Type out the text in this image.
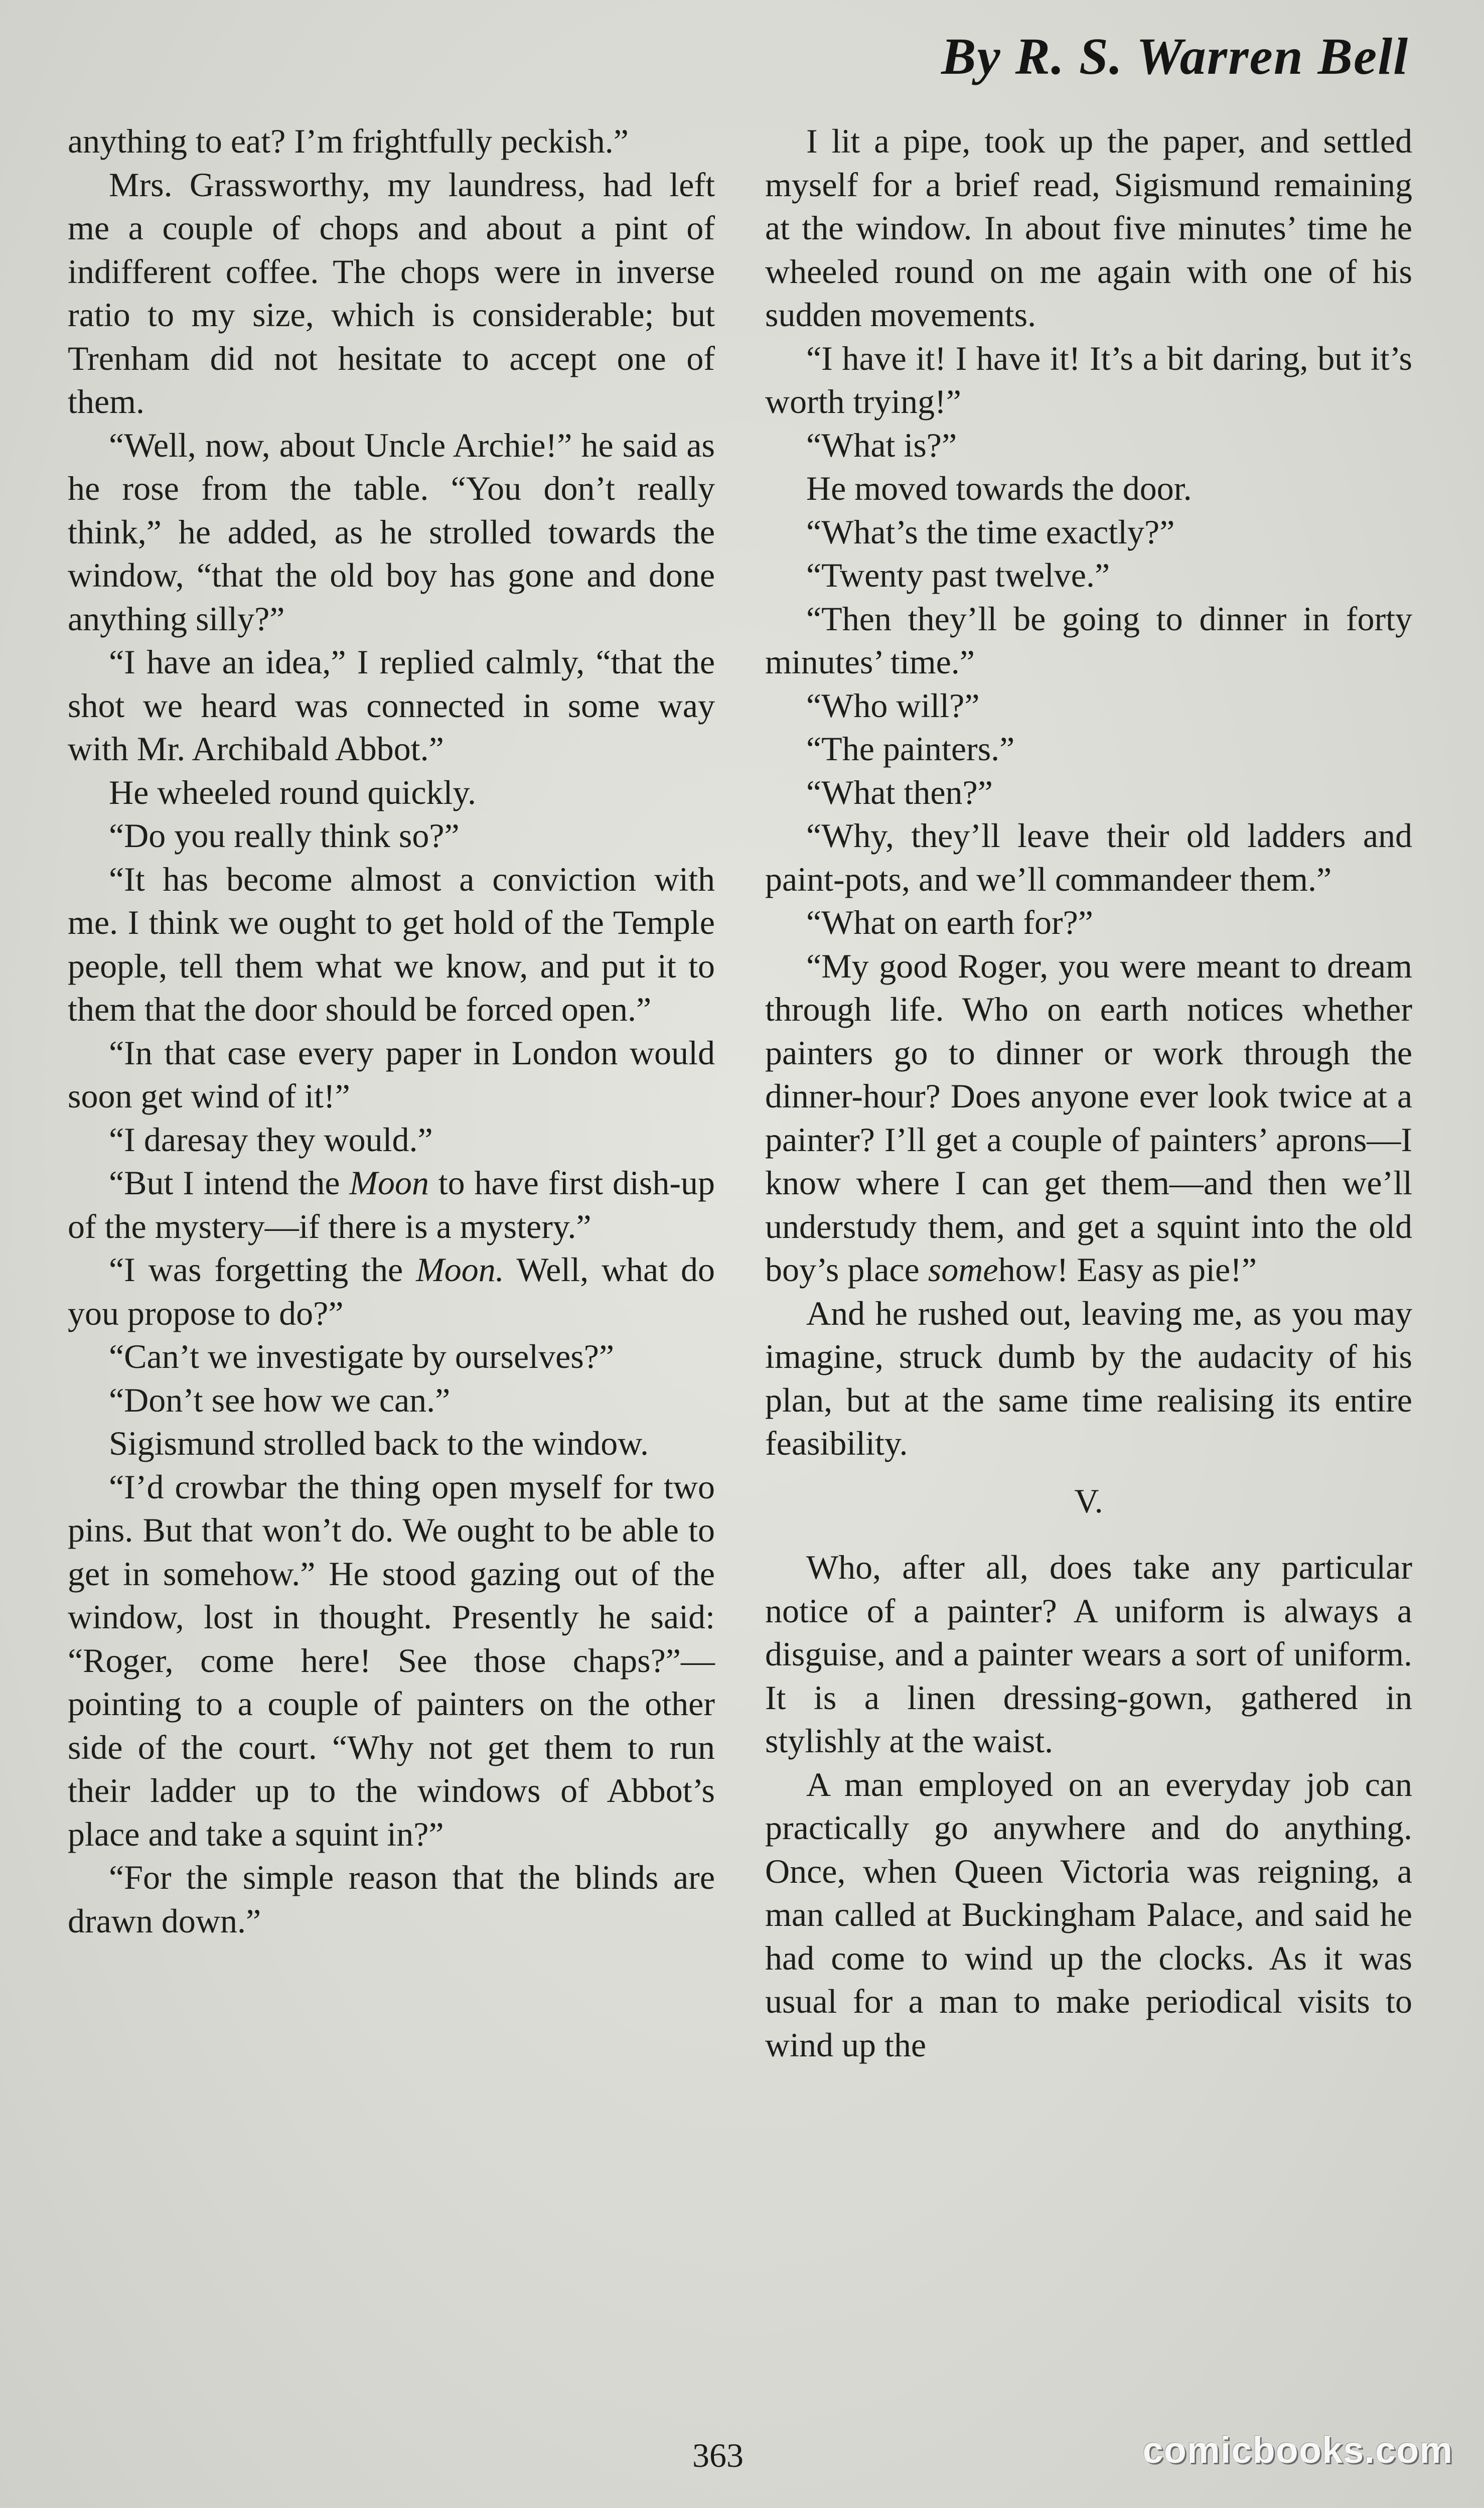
By R. S. Warren Bell

anything to eat? I’m frightfully peckish.”

Mrs. Grassworthy, my laundress, had left me a couple of chops and about a pint of indifferent coffee. The chops were in inverse ratio to my size, which is considerable; but Trenham did not hesitate to accept one of them.

“Well, now, about Uncle Archie!” he said as he rose from the table. “You don’t really think,” he added, as he strolled towards the window, “that the old boy has gone and done anything silly?”

“I have an idea,” I replied calmly, “that the shot we heard was connected in some way with Mr. Archibald Abbot.”

He wheeled round quickly.

“Do you really think so?”

“It has become almost a conviction with me. I think we ought to get hold of the Temple people, tell them what we know, and put it to them that the door should be forced open.”

“In that case every paper in London would soon get wind of it!”

“I daresay they would.”

“But I intend the Moon to have first dish-up of the mystery—if there is a mystery.”

“I was forgetting the Moon. Well, what do you propose to do?”

“Can’t we investigate by ourselves?”

“Don’t see how we can.”

Sigismund strolled back to the window.

“I’d crowbar the thing open myself for two pins. But that won’t do. We ought to be able to get in somehow.” He stood gazing out of the window, lost in thought. Presently he said: “Roger, come here! See those chaps?”—pointing to a couple of painters on the other side of the court. “Why not get them to run their ladder up to the windows of Abbot’s place and take a squint in?”

“For the simple reason that the blinds are drawn down.”

I lit a pipe, took up the paper, and settled myself for a brief read, Sigismund remaining at the window. In about five minutes’ time he wheeled round on me again with one of his sudden movements.

“I have it! I have it! It’s a bit daring, but it’s worth trying!”

“What is?”

He moved towards the door.

“What’s the time exactly?”

“Twenty past twelve.”

“Then they’ll be going to dinner in forty minutes’ time.”

“Who will?”

“The painters.”

“What then?”

“Why, they’ll leave their old ladders and paint-pots, and we’ll commandeer them.”

“What on earth for?”

“My good Roger, you were meant to dream through life. Who on earth notices whether painters go to dinner or work through the dinner-hour? Does anyone ever look twice at a painter? I’ll get a couple of painters’ aprons—I know where I can get them—and then we’ll understudy them, and get a squint into the old boy’s place somehow! Easy as pie!”

And he rushed out, leaving me, as you may imagine, struck dumb by the audacity of his plan, but at the same time realising its entire feasibility.

V.

Who, after all, does take any particular notice of a painter? A uniform is always a disguise, and a painter wears a sort of uniform. It is a linen dressing-gown, gathered in stylishly at the waist.

A man employed on an everyday job can practically go anywhere and do anything. Once, when Queen Victoria was reigning, a man called at Buckingham Palace, and said he had come to wind up the clocks. As it was usual for a man to make periodical visits to wind up the

363	comicbooks.com
